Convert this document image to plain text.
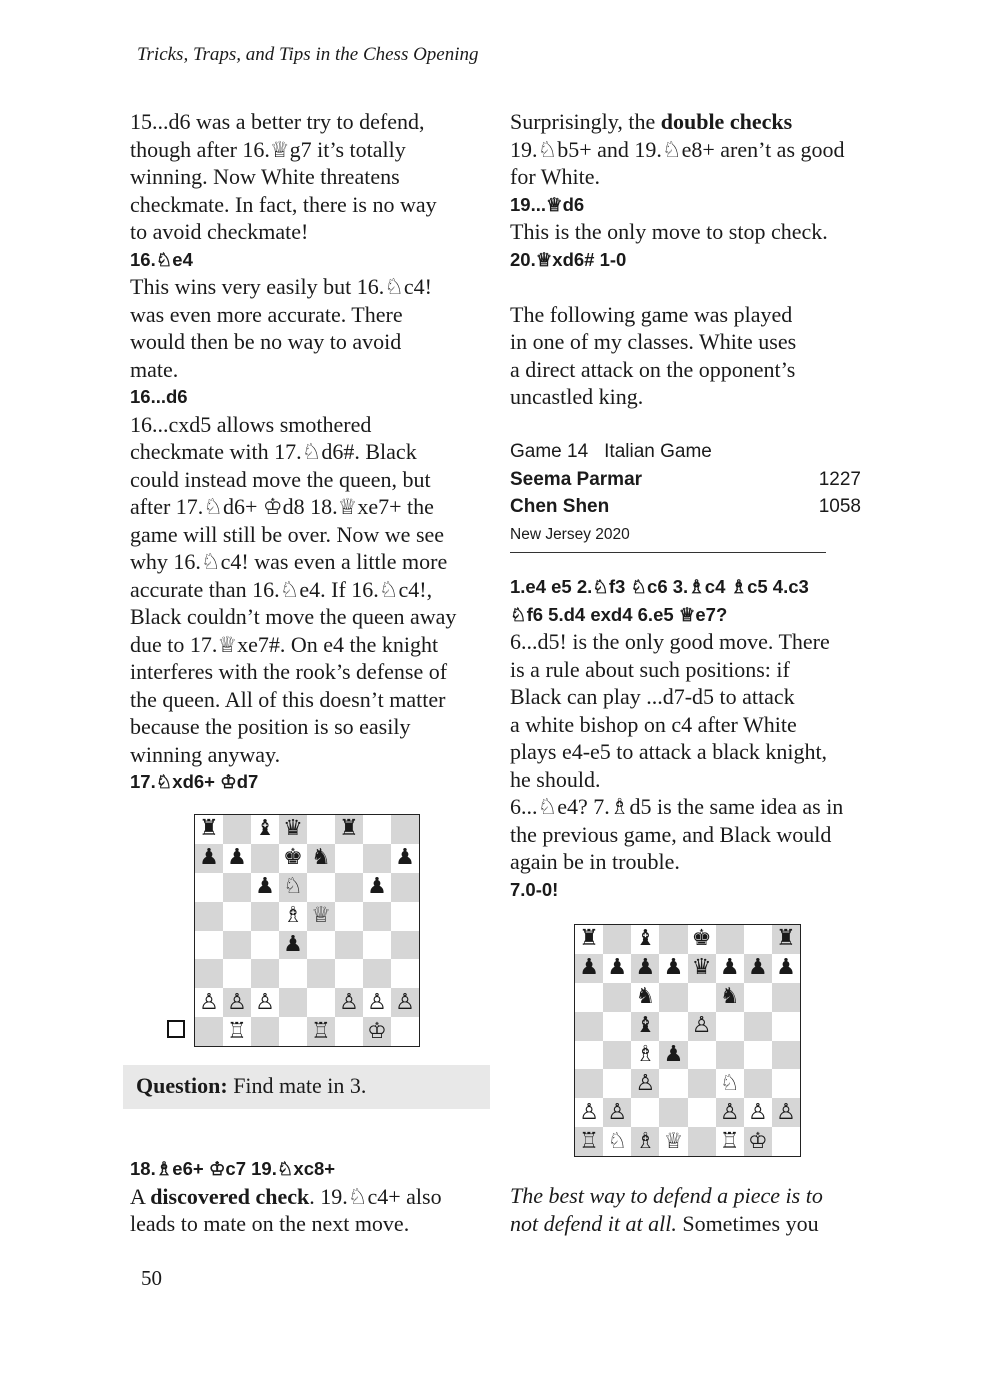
Tricks, Traps, and Tips in the Chess Opening

15...d6 was a better try to defend,

though after 16.♕g7 it’s totally

winning. Now White threatens

checkmate. In fact, there is no way

to avoid checkmate!

16.♘e4

This wins very easily but 16.♘c4!

was even more accurate. There

would then be no way to avoid

mate.

16...d6

16...cxd5 allows smothered

checkmate with 17.♘d6#. Black

could instead move the queen, but

after 17.♘d6+ ♔d8 18.♕xe7+ the

game will still be over. Now we see

why 16.♘c4! was even a little more

accurate than 16.♘e4. If 16.♘c4!,

Black couldn’t move the queen away

due to 17.♕xe7#. On e4 the knight

interferes with the rook’s defense of

the queen. All of this doesn’t matter

because the position is so easily

winning anyway.

17.♘xd6+ ♔d7

♜ ♝ ♛ ♜
♟ ♟ ♚ ♞	♟
♟ ♘	♟
♗ ♕
♟
♙ ♙ ♙	♙ ♙ ♙
♖	♖ ♔
Question: Find mate in 3.

18.♗e6+ ♔c7 19.♘xc8+

A discovered check. 19.♘c4+ also

leads to mate on the next move.

Surprisingly, the double checks

19.♘b5+ and 19.♘e8+ aren’t as good

for White.

19...♕d6

This is the only move to stop check.

20.♕xd6# 1-0

The following game was played

in one of my classes. White uses

a direct attack on the opponent’s

uncastled king.

Game 14 Italian Game
Seema Parmar	1227
Chen Shen	1058
New Jersey 2020

1.e4 e5 2.♘f3 ♘c6 3.♗c4 ♗c5 4.c3

♘f6 5.d4 exd4 6.e5 ♕e7?

6...d5! is the only good move. There

is a rule about such positions: if

Black can play ...d7-d5 to attack

a white bishop on c4 after White

plays e4-e5 to attack a black knight,

he should.

6...♘e4? 7.♗d5 is the same idea as in

the previous game, and Black would

again be in trouble.

7.0-0!

♜ ♝ ♚	♜
♟ ♟ ♟ ♟ ♛ ♟ ♟ ♟
♞	♞
♝ ♙
♗ ♟
♙	♘
♙ ♙	♙ ♙ ♙
♖ ♘ ♗ ♕ ♖ ♔

The best way to defend a piece is to

not defend it at all. Sometimes you

50
